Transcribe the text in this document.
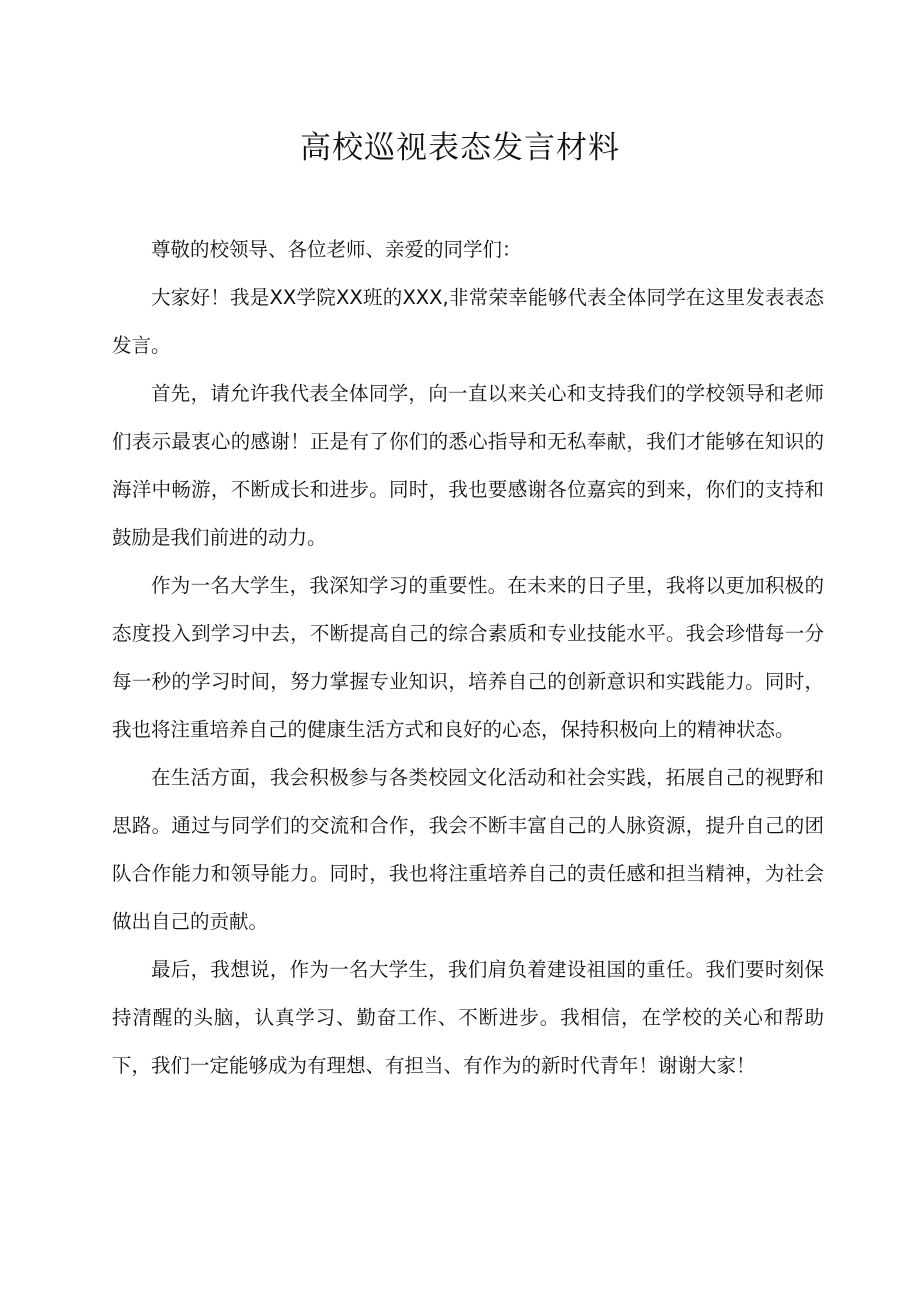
高校巡视表态发言材料

尊敬的校领导、各位老师、亲爱的同学们：

大家好！我是XX学院XX班的XXX,非常荣幸能够代表全体同学在这里发表表态发言。

首先，请允许我代表全体同学，向一直以来关心和支持我们的学校领导和老师们表示最衷心的感谢！正是有了你们的悉心指导和无私奉献，我们才能够在知识的海洋中畅游，不断成长和进步。同时，我也要感谢各位嘉宾的到来，你们的支持和鼓励是我们前进的动力。

作为一名大学生，我深知学习的重要性。在未来的日子里，我将以更加积极的态度投入到学习中去，不断提高自己的综合素质和专业技能水平。我会珍惜每一分每一秒的学习时间，努力掌握专业知识，培养自己的创新意识和实践能力。同时，我也将注重培养自己的健康生活方式和良好的心态，保持积极向上的精神状态。

在生活方面，我会积极参与各类校园文化活动和社会实践，拓展自己的视野和思路。通过与同学们的交流和合作，我会不断丰富自己的人脉资源，提升自己的团队合作能力和领导能力。同时，我也将注重培养自己的责任感和担当精神，为社会做出自己的贡献。

最后，我想说，作为一名大学生，我们肩负着建设祖国的重任。我们要时刻保持清醒的头脑，认真学习、勤奋工作、不断进步。我相信，在学校的关心和帮助下，我们一定能够成为有理想、有担当、有作为的新时代青年！谢谢大家！
